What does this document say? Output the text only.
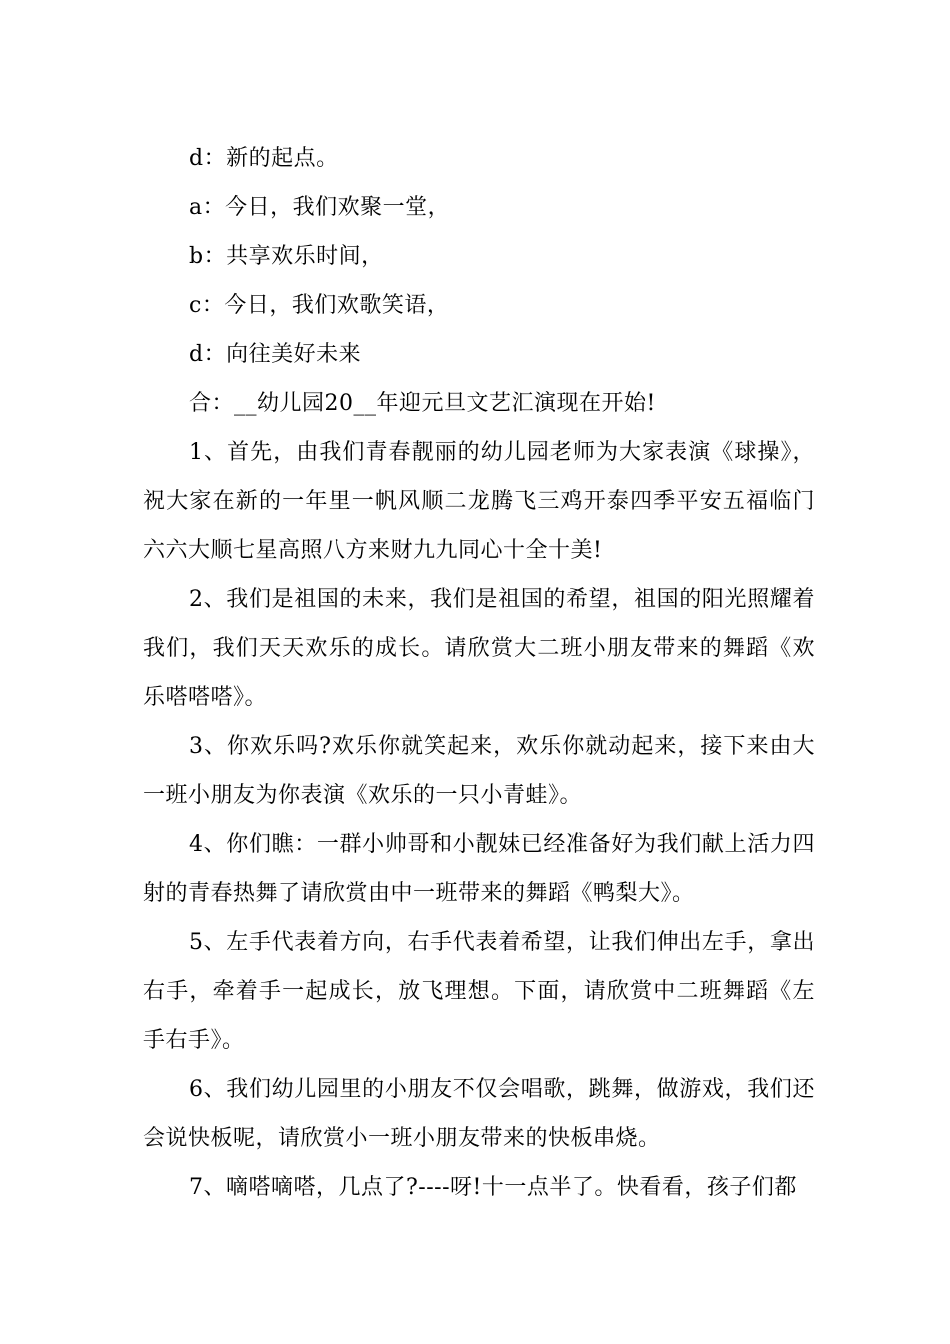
d：新的起点。

a：今日，我们欢聚一堂，

b：共享欢乐时间，

c：今日，我们欢歌笑语，

d：向往美好未来

合：__幼儿园20__年迎元旦文艺汇演现在开始!

1、首先，由我们青春靓丽的幼儿园老师为大家表演《球操》，祝大家在新的一年里一帆风顺二龙腾飞三鸡开泰四季平安五福临门六六大顺七星高照八方来财九九同心十全十美!

2、我们是祖国的未来，我们是祖国的希望，祖国的阳光照耀着我们，我们天天欢乐的成长。请欣赏大二班小朋友带来的舞蹈《欢乐嗒嗒嗒》。

3、你欢乐吗?欢乐你就笑起来，欢乐你就动起来，接下来由大一班小朋友为你表演《欢乐的一只小青蛙》。

4、你们瞧：一群小帅哥和小靓妹已经准备好为我们献上活力四射的青春热舞了请欣赏由中一班带来的舞蹈《鸭梨大》。

5、左手代表着方向，右手代表着希望，让我们伸出左手，拿出右手，牵着手一起成长，放飞理想。下面，请欣赏中二班舞蹈《左手右手》。

6、我们幼儿园里的小朋友不仅会唱歌，跳舞，做游戏，我们还会说快板呢，请欣赏小一班小朋友带来的快板串烧。

7、嘀嗒嘀嗒，几点了?----呀!十一点半了。快看看，孩子们都
